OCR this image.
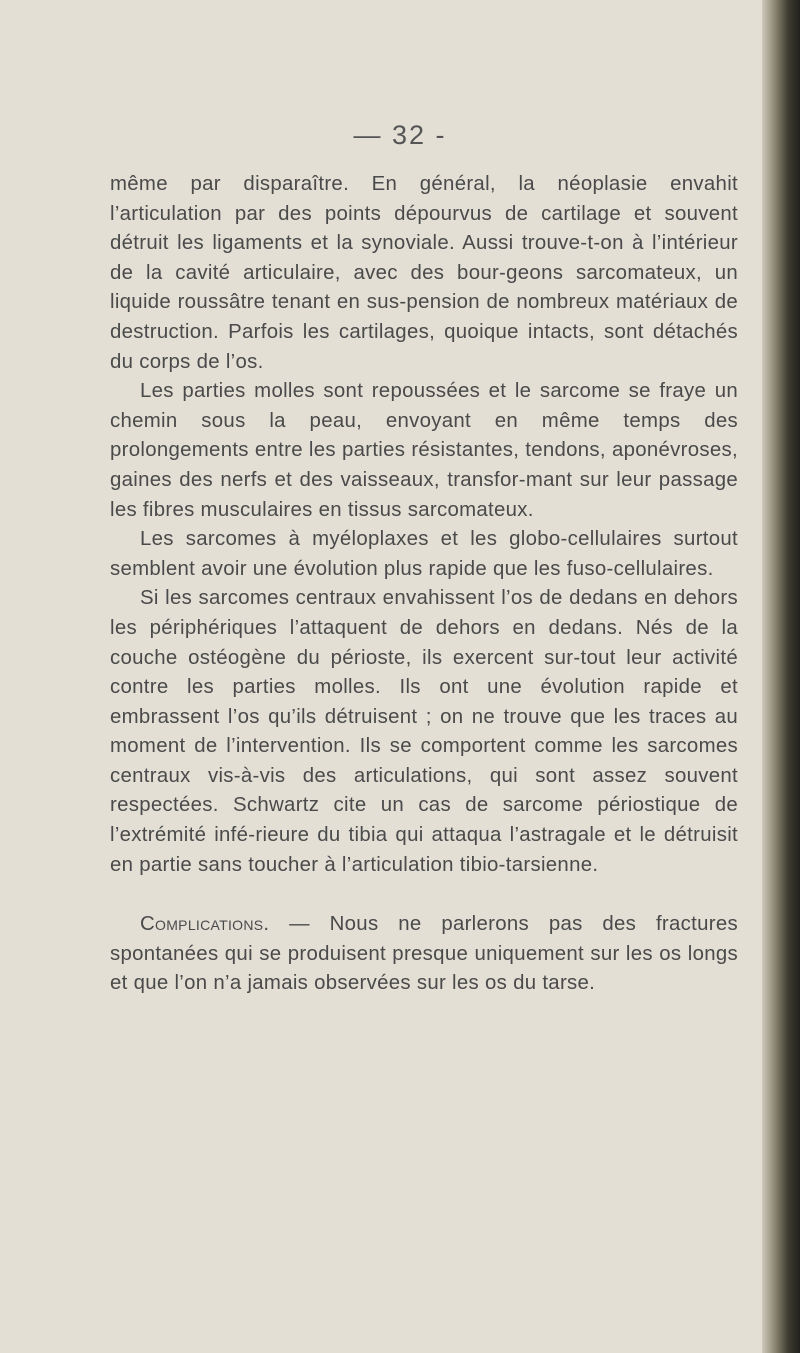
— 32 -

même par disparaître. En général, la néoplasie envahit l’articulation par des points dépourvus de cartilage et souvent détruit les ligaments et la synoviale. Aussi trouve-t-on à l’intérieur de la cavité articulaire, avec des bour-geons sarcomateux, un liquide roussâtre tenant en sus-pension de nombreux matériaux de destruction. Parfois les cartilages, quoique intacts, sont détachés du corps de l’os.

Les parties molles sont repoussées et le sarcome se fraye un chemin sous la peau, envoyant en même temps des prolongements entre les parties résistantes, tendons, aponévroses, gaines des nerfs et des vaisseaux, transfor-mant sur leur passage les fibres musculaires en tissus sarcomateux.

Les sarcomes à myéloplaxes et les globo-cellulaires surtout semblent avoir une évolution plus rapide que les fuso-cellulaires.

Si les sarcomes centraux envahissent l’os de dedans en dehors les périphériques l’attaquent de dehors en dedans. Nés de la couche ostéogène du périoste, ils exercent sur-tout leur activité contre les parties molles. Ils ont une évolution rapide et embrassent l’os qu’ils détruisent ; on ne trouve que les traces au moment de l’intervention. Ils se comportent comme les sarcomes centraux vis-à-vis des articulations, qui sont assez souvent respectées. Schwartz cite un cas de sarcome périostique de l’extrémité infé-rieure du tibia qui attaqua l’astragale et le détruisit en partie sans toucher à l’articulation tibio-tarsienne.

Complications. — Nous ne parlerons pas des fractures spontanées qui se produisent presque uniquement sur les os longs et que l’on n’a jamais observées sur les os du tarse.
